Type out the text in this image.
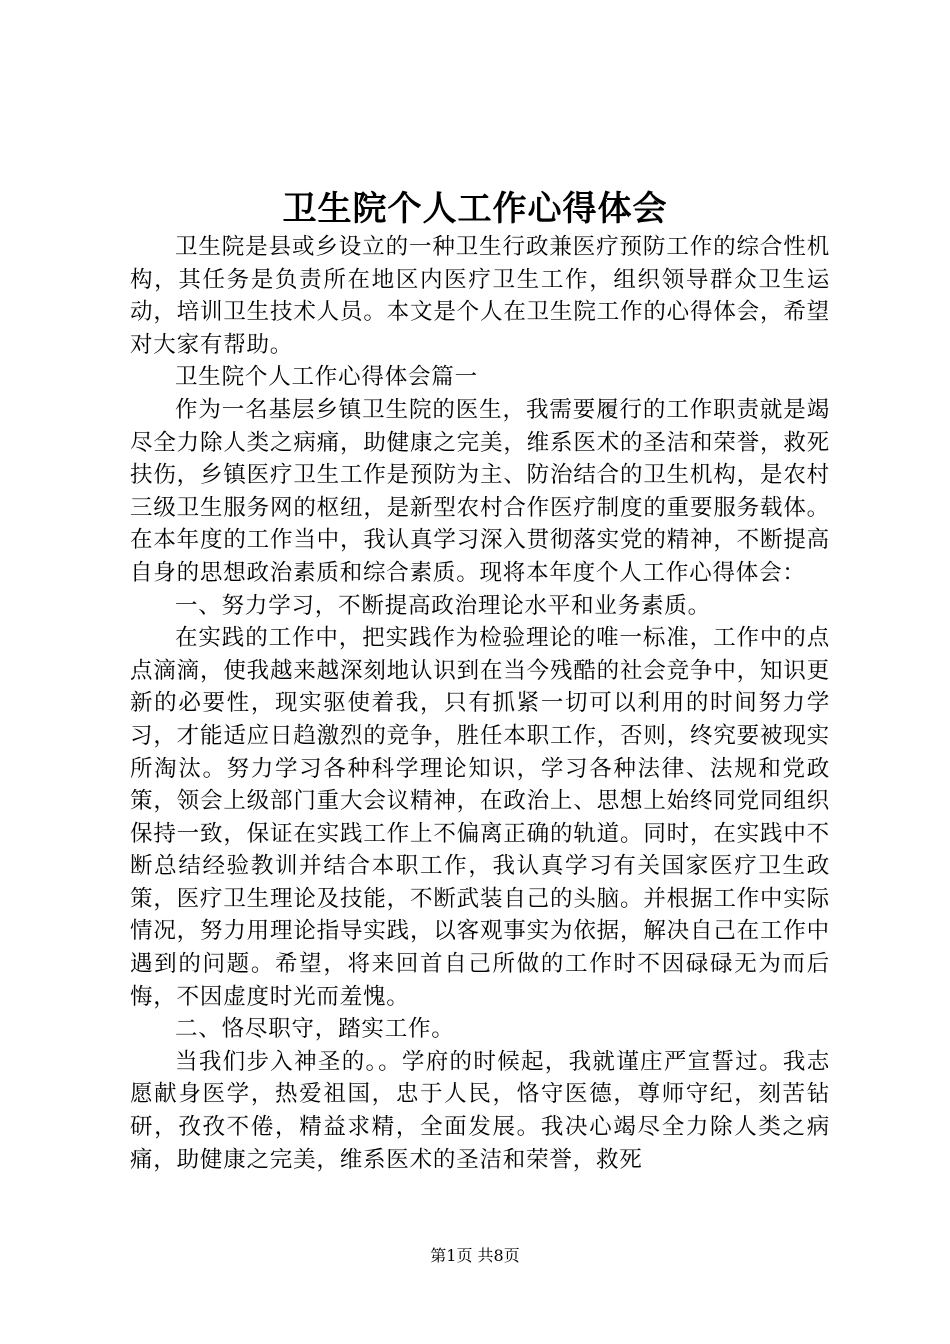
卫生院个人工作心得体会

卫生院是县或乡设立的一种卫生行政兼医疗预防工作的综合性机构，其任务是负责所在地区内医疗卫生工作，组织领导群众卫生运动，培训卫生技术人员。本文是个人在卫生院工作的心得体会，希望对大家有帮助。

卫生院个人工作心得体会篇一

作为一名基层乡镇卫生院的医生，我需要履行的工作职责就是竭尽全力除人类之病痛，助健康之完美，维系医术的圣洁和荣誉，救死扶伤，乡镇医疗卫生工作是预防为主、防治结合的卫生机构，是农村三级卫生服务网的枢纽，是新型农村合作医疗制度的重要服务载体。在本年度的工作当中，我认真学习深入贯彻落实党的精神，不断提高自身的思想政治素质和综合素质。现将本年度个人工作心得体会：

一、努力学习，不断提高政治理论水平和业务素质。

在实践的工作中，把实践作为检验理论的唯一标准，工作中的点点滴滴，使我越来越深刻地认识到在当今残酷的社会竞争中，知识更新的必要性，现实驱使着我，只有抓紧一切可以利用的时间努力学习，才能适应日趋激烈的竞争，胜任本职工作，否则，终究要被现实所淘汰。努力学习各种科学理论知识，学习各种法律、法规和党政策，领会上级部门重大会议精神，在政治上、思想上始终同党同组织保持一致，保证在实践工作上不偏离正确的轨道。同时，在实践中不断总结经验教训并结合本职工作，我认真学习有关国家医疗卫生政策，医疗卫生理论及技能，不断武装自己的头脑。并根据工作中实际情况，努力用理论指导实践，以客观事实为依据，解决自己在工作中遇到的问题。希望，将来回首自己所做的工作时不因碌碌无为而后悔，不因虚度时光而羞愧。

二、恪尽职守，踏实工作。

当我们步入神圣的。。学府的时候起，我就谨庄严宣誓过。我志愿献身医学，热爱祖国，忠于人民，恪守医德，尊师守纪，刻苦钻研，孜孜不倦，精益求精，全面发展。我决心竭尽全力除人类之病痛，助健康之完美，维系医术的圣洁和荣誉，救死

第1页 共8页
